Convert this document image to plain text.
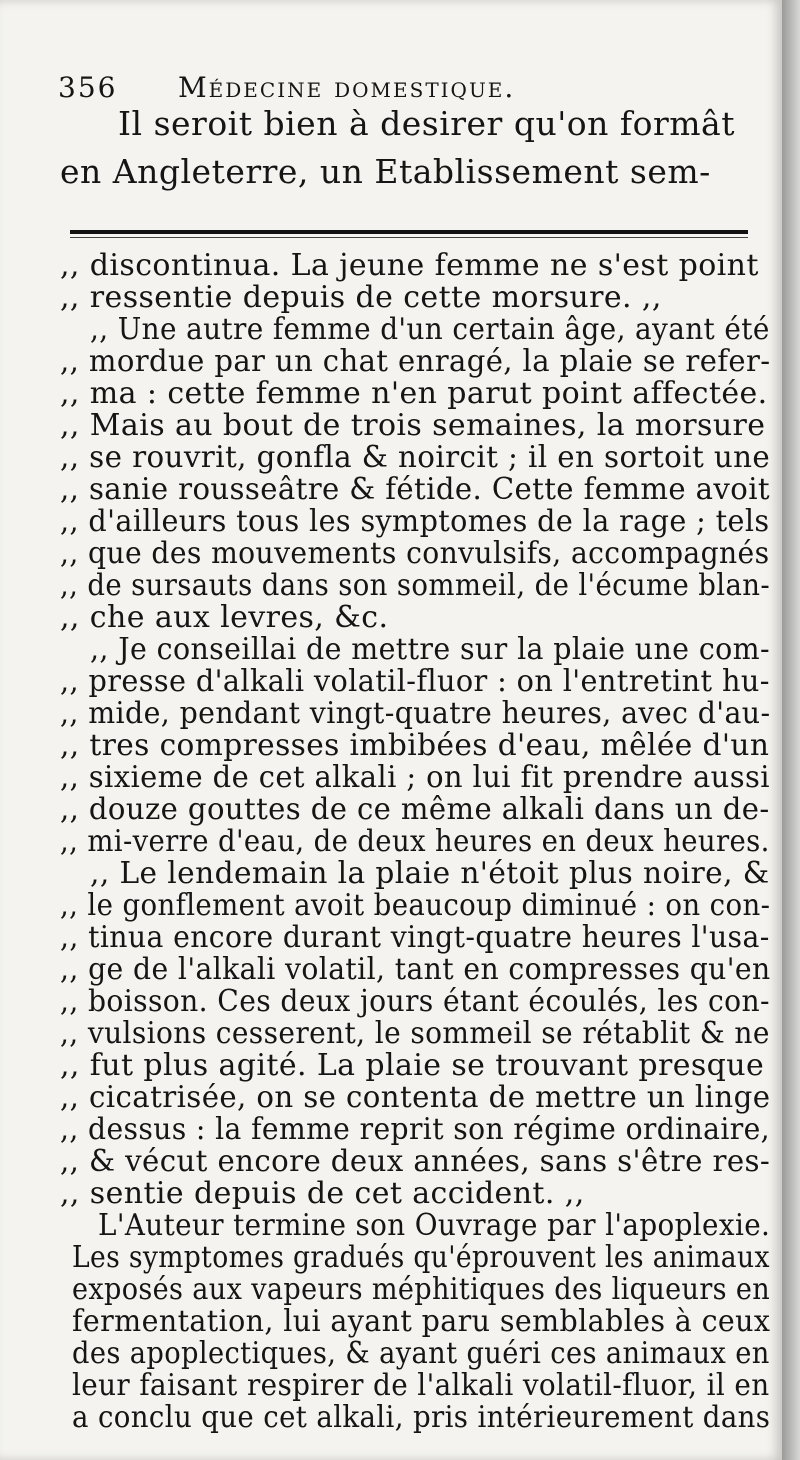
356 Médecine domestique.
Il seroit bien à desirer qu'on formât
en Angleterre, un Etablissement sem-
,, discontinua. La jeune femme ne s'est point
,, ressentie depuis de cette morsure. ,,
,, Une autre femme d'un certain âge, ayant été
,, mordue par un chat enragé, la plaie se refer-
,, ma : cette femme n'en parut point affectée.
,, Mais au bout de trois semaines, la morsure
,, se rouvrit, gonfla & noircit ; il en sortoit une
,, sanie rousseâtre & fétide. Cette femme avoit
,, d'ailleurs tous les symptomes de la rage ; tels
,, que des mouvements convulsifs, accompagnés
,, de sursauts dans son sommeil, de l'écume blan-
,, che aux levres, &c.
,, Je conseillai de mettre sur la plaie une com-
,, presse d'alkali volatil-fluor : on l'entretint hu-
,, mide, pendant vingt-quatre heures, avec d'au-
,, tres compresses imbibées d'eau, mêlée d'un
,, sixieme de cet alkali ; on lui fit prendre aussi
,, douze gouttes de ce même alkali dans un de-
,, mi-verre d'eau, de deux heures en deux heures.
,, Le lendemain la plaie n'étoit plus noire, &
,, le gonflement avoit beaucoup diminué : on con-
,, tinua encore durant vingt-quatre heures l'usa-
,, ge de l'alkali volatil, tant en compresses qu'en
,, boisson. Ces deux jours étant écoulés, les con-
,, vulsions cesserent, le sommeil se rétablit & ne
,, fut plus agité. La plaie se trouvant presque
,, cicatrisée, on se contenta de mettre un linge
,, dessus : la femme reprit son régime ordinaire,
,, & vécut encore deux années, sans s'être res-
,, sentie depuis de cet accident. ,,
L'Auteur termine son Ouvrage par l'apoplexie.
Les symptomes gradués qu'éprouvent les animaux
exposés aux vapeurs méphitiques des liqueurs en
fermentation, lui ayant paru semblables à ceux
des apoplectiques, & ayant guéri ces animaux en
leur faisant respirer de l'alkali volatil-fluor, il en
a conclu que cet alkali, pris intérieurement dans
